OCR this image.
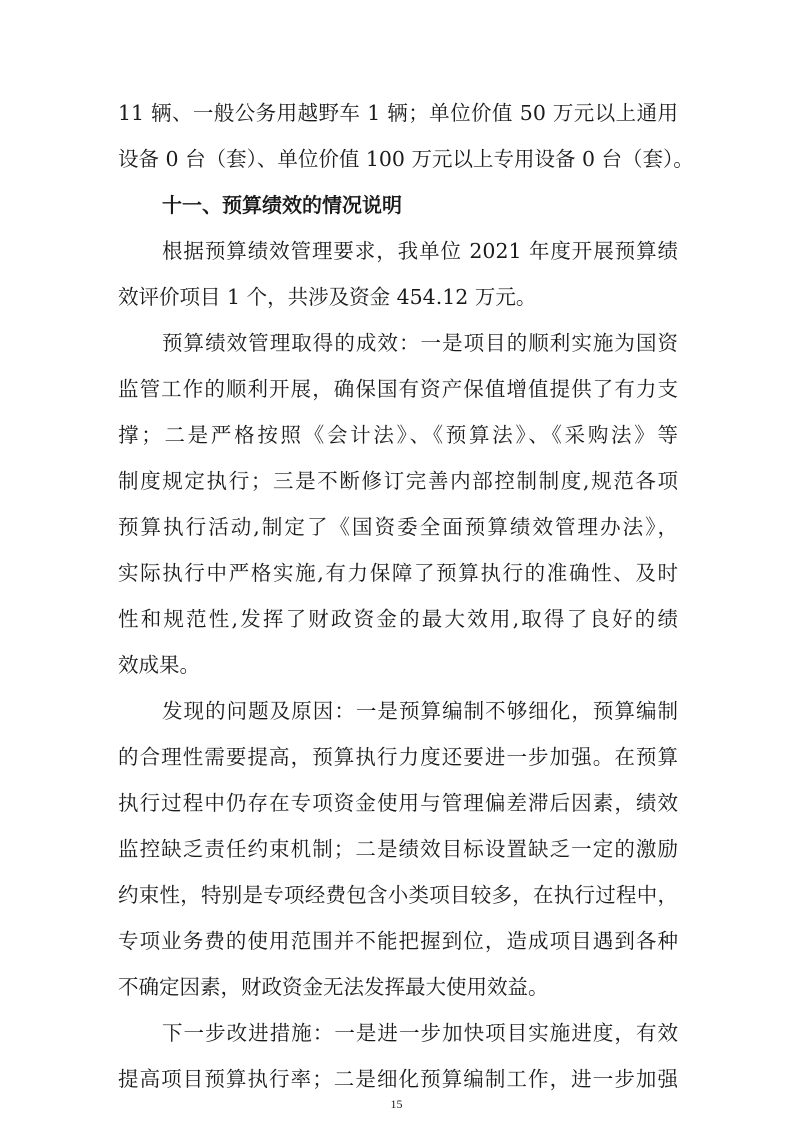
11 辆、一般公务用越野车 1 辆；单位价值 50 万元以上通用
设备 0 台（套）、单位价值 100 万元以上专用设备 0 台（套）。
十一、预算绩效的情况说明
根据预算绩效管理要求，我单位 2021 年度开展预算绩
效评价项目 1 个，共涉及资金 454.12 万元。
预算绩效管理取得的成效：一是项目的顺利实施为国资
监管工作的顺利开展，确保国有资产保值增值提供了有力支
撑；二是严格按照《会计法》、《预算法》、《采购法》等
制度规定执行；三是不断修订完善内部控制制度,规范各项
预算执行活动,制定了《国资委全面预算绩效管理办法》，
实际执行中严格实施,有力保障了预算执行的准确性、及时
性和规范性,发挥了财政资金的最大效用,取得了良好的绩
效成果。
发现的问题及原因：一是预算编制不够细化，预算编制
的合理性需要提高，预算执行力度还要进一步加强。在预算
执行过程中仍存在专项资金使用与管理偏差滞后因素，绩效
监控缺乏责任约束机制；二是绩效目标设置缺乏一定的激励
约束性，特别是专项经费包含小类项目较多，在执行过程中，
专项业务费的使用范围并不能把握到位，造成项目遇到各种
不确定因素，财政资金无法发挥最大使用效益。
下一步改进措施：一是进一步加快项目实施进度，有效
提高项目预算执行率；二是细化预算编制工作，进一步加强
15
